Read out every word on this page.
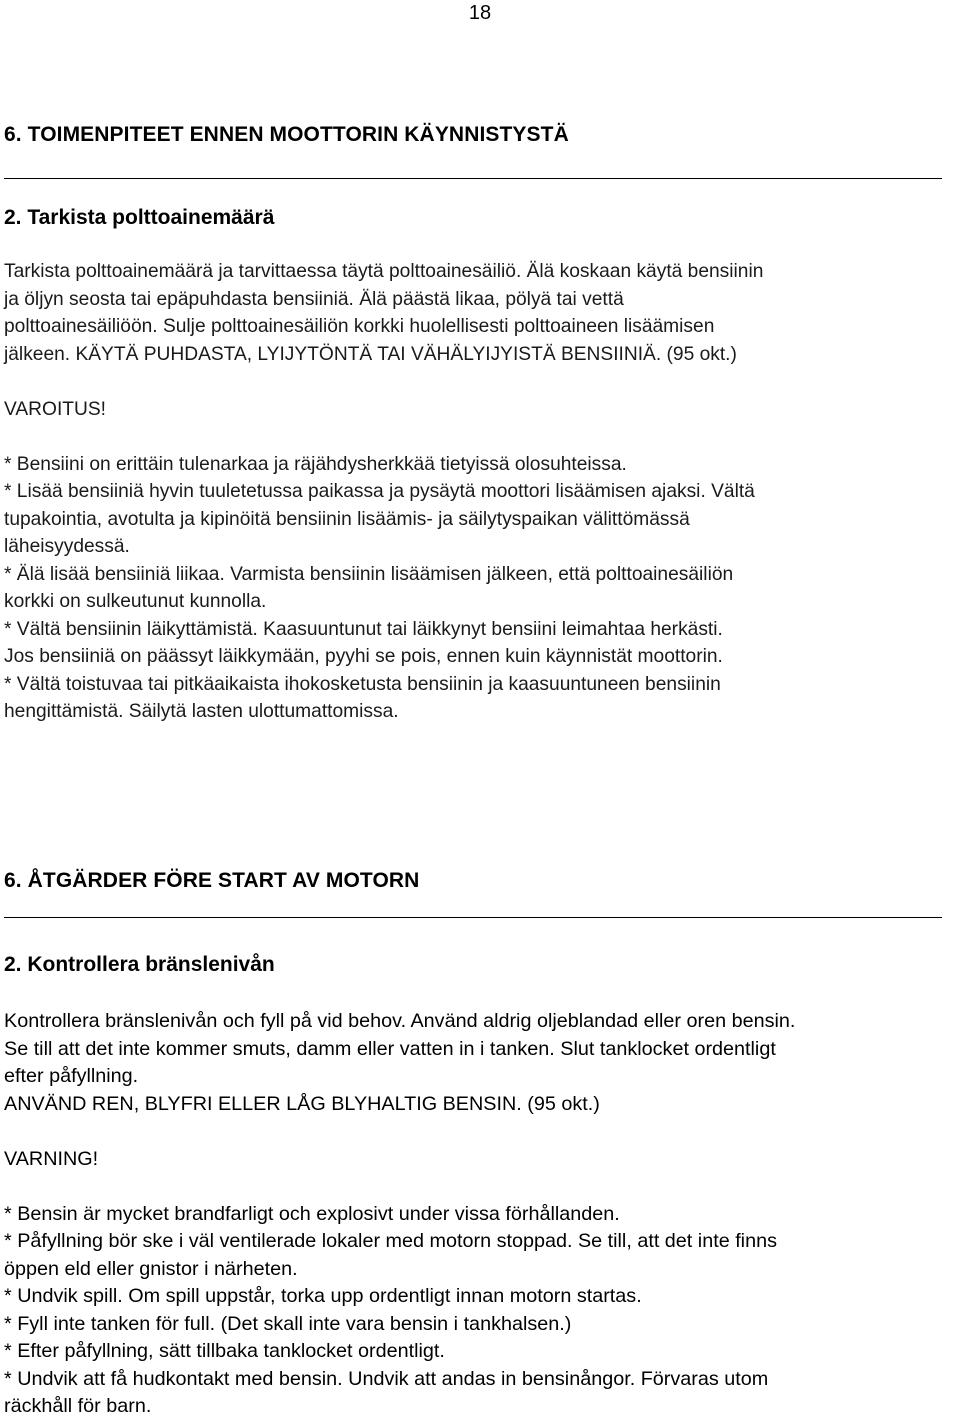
18
6. TOIMENPITEET ENNEN MOOTTORIN KÄYNNISTYSTÄ
2. Tarkista polttoainemäärä
Tarkista polttoainemäärä ja tarvittaessa täytä polttoainesäiliö. Älä koskaan käytä bensiinin
ja öljyn seosta tai epäpuhdasta bensiiniä. Älä päästä likaa, pölyä tai vettä
polttoainesäiliöön. Sulje polttoainesäiliön korkki huolellisesti polttoaineen lisäämisen
jälkeen. KÄYTÄ PUHDASTA, LYIJYTÖNTÄ TAI VÄHÄLYIJYISTÄ BENSIINIÄ. (95 okt.)
VAROITUS!
* Bensiini on erittäin tulenarkaa ja räjähdysherkkää tietyissä olosuhteissa.
* Lisää bensiiniä hyvin tuuletetussa paikassa ja pysäytä moottori lisäämisen ajaksi. Vältä
tupakointia, avotulta ja kipinöitä bensiinin lisäämis- ja säilytyspaikan välittömässä
läheisyydessä.
* Älä lisää bensiiniä liikaa. Varmista bensiinin lisäämisen jälkeen, että polttoainesäiliön
korkki on sulkeutunut kunnolla.
* Vältä bensiinin läikyttämistä. Kaasuuntunut tai läikkynyt bensiini leimahtaa herkästi.
Jos bensiiniä on päässyt läikkymään, pyyhi se pois, ennen kuin käynnistät moottorin.
* Vältä toistuvaa tai pitkäaikaista ihokosketusta bensiinin ja kaasuuntuneen bensiinin
hengittämistä. Säilytä lasten ulottumattomissa.
6. ÅTGÄRDER FÖRE START AV MOTORN
2. Kontrollera bränslenivån
Kontrollera bränslenivån och fyll på vid behov. Använd aldrig oljeblandad eller oren bensin.
Se till att det inte kommer smuts, damm eller vatten in i tanken. Slut tanklocket ordentligt
efter påfyllning.
ANVÄND REN, BLYFRI ELLER LÅG BLYHALTIG BENSIN. (95 okt.)
VARNING!
* Bensin är mycket brandfarligt och explosivt under vissa förhållanden.
* Påfyllning bör ske i väl ventilerade lokaler med motorn stoppad. Se till, att det inte finns
öppen eld eller gnistor i närheten.
* Undvik spill. Om spill uppstår, torka upp ordentligt innan motorn startas.
* Fyll inte tanken för full. (Det skall inte vara bensin i tankhalsen.)
* Efter påfyllning, sätt tillbaka tanklocket ordentligt.
* Undvik att få hudkontakt med bensin. Undvik att andas in bensinångor. Förvaras utom
räckhåll för barn.
